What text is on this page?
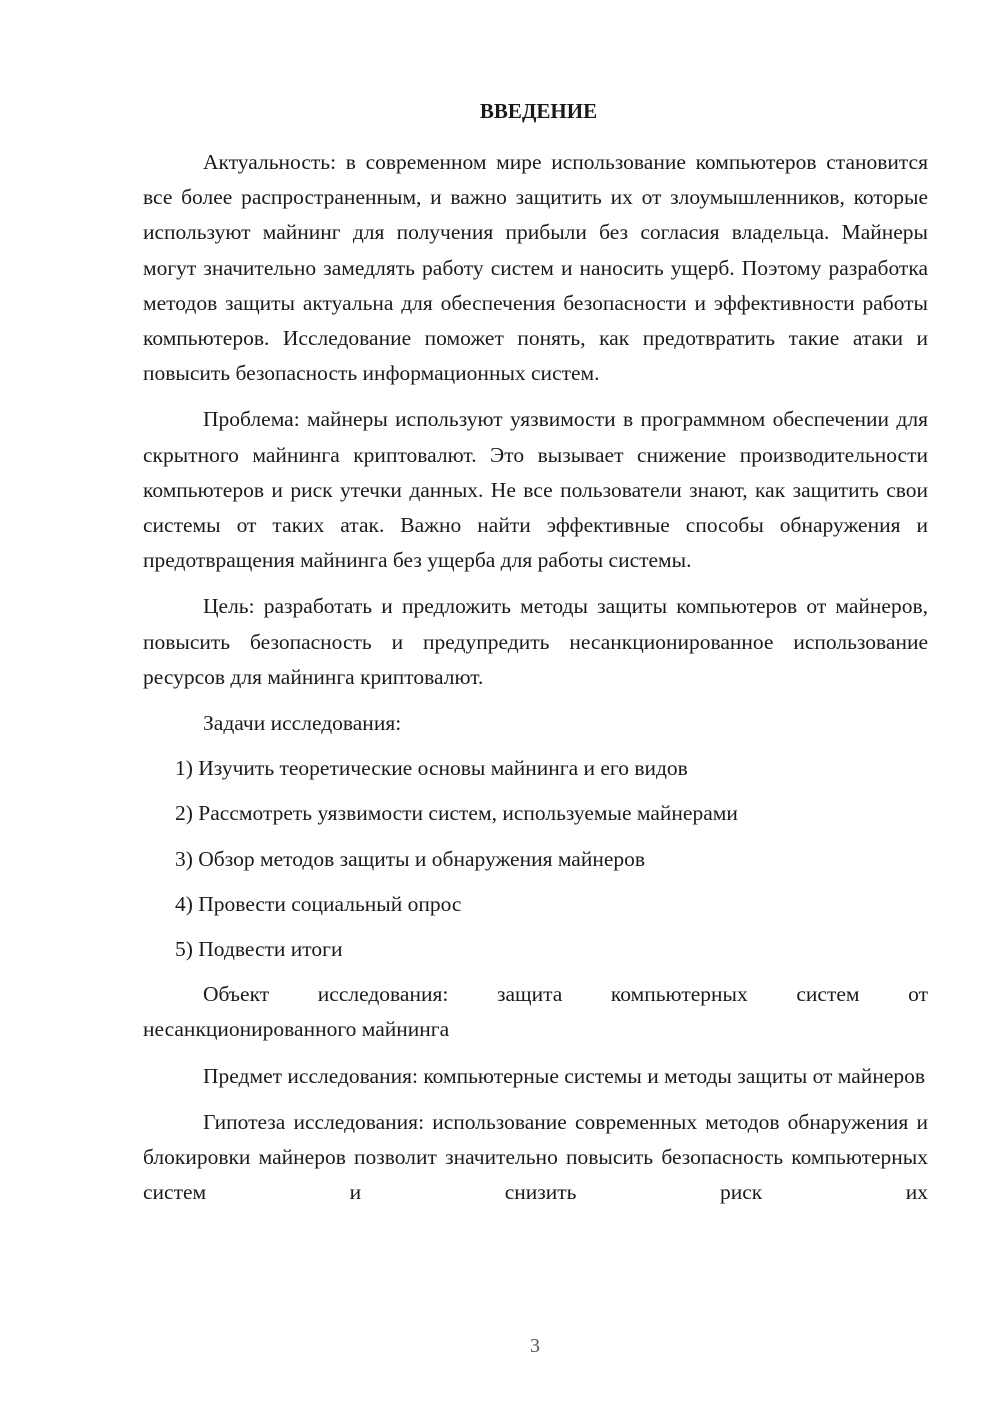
ВВЕДЕНИЕ

Актуальность: в современном мире использование компьютеров становится все более распространенным, и важно защитить их от злоумышленников, которые используют майнинг для получения прибыли без согласия владельца. Майнеры могут значительно замедлять работу систем и наносить ущерб. Поэтому разработка методов защиты актуальна для обеспечения безопасности и эффективности работы компьютеров. Исследование поможет понять, как предотвратить такие атаки и повысить безопасность информационных систем.

Проблема: майнеры используют уязвимости в программном обеспечении для скрытного майнинга криптовалют. Это вызывает снижение производительности компьютеров и риск утечки данных. Не все пользователи знают, как защитить свои системы от таких атак. Важно найти эффективные способы обнаружения и предотвращения майнинга без ущерба для работы системы.

Цель: разработать и предложить методы защиты компьютеров от майнеров, повысить безопасность и предупредить несанкционированное использование ресурсов для майнинга криптовалют.

Задачи исследования:

1) Изучить теоретические основы майнинга и его видов
2) Рассмотреть уязвимости систем, используемые майнерами
3) Обзор методов защиты и обнаружения майнеров
4) Провести социальный опрос
5) Подвести итоги

Объект исследования: защита компьютерных систем от несанкционированного майнинга

Предмет исследования: компьютерные системы и методы защиты от майнеров

Гипотеза исследования: использование современных методов обнаружения и блокировки майнеров позволит значительно повысить безопасность компьютерных систем и снизить риск их

3
